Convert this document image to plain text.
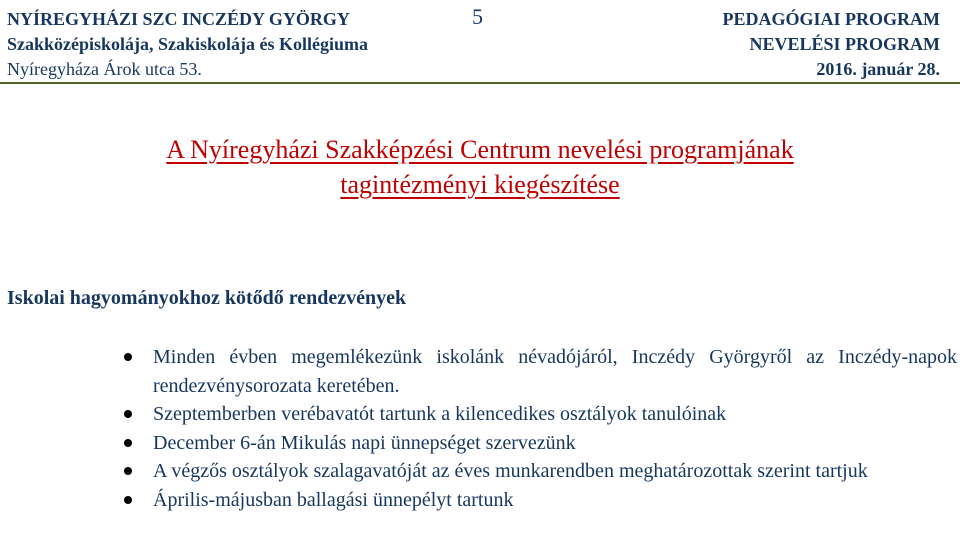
NYÍREGYHÁZI SZC INCZÉDY GYÖRGY
Szakközépiskolája, Szakiskolája és Kollégiuma
Nyíregyháza Árok utca 53.
5	PEDAGÓGIAI PROGRAM
NEVELÉSI PROGRAM
2016. január 28.
A Nyíregyházi Szakképzési Centrum nevelési programjának
tagintézményi kiegészítése
Iskolai hagyományokhoz kötődő rendezvények
Minden évben megemlékezünk iskolánk névadójáról, Inczédy Györgyről az Inczédy-napok rendezvénysorozata keretében.
Szeptemberben verébavatót tartunk a kilencedikes osztályok tanulóinak
December 6-án Mikulás napi ünnepséget szervezünk
A végzős osztályok szalagavatóját az éves munkarendben meghatározottak szerint tartjuk
Április-májusban ballagási ünnepélyt tartunk
